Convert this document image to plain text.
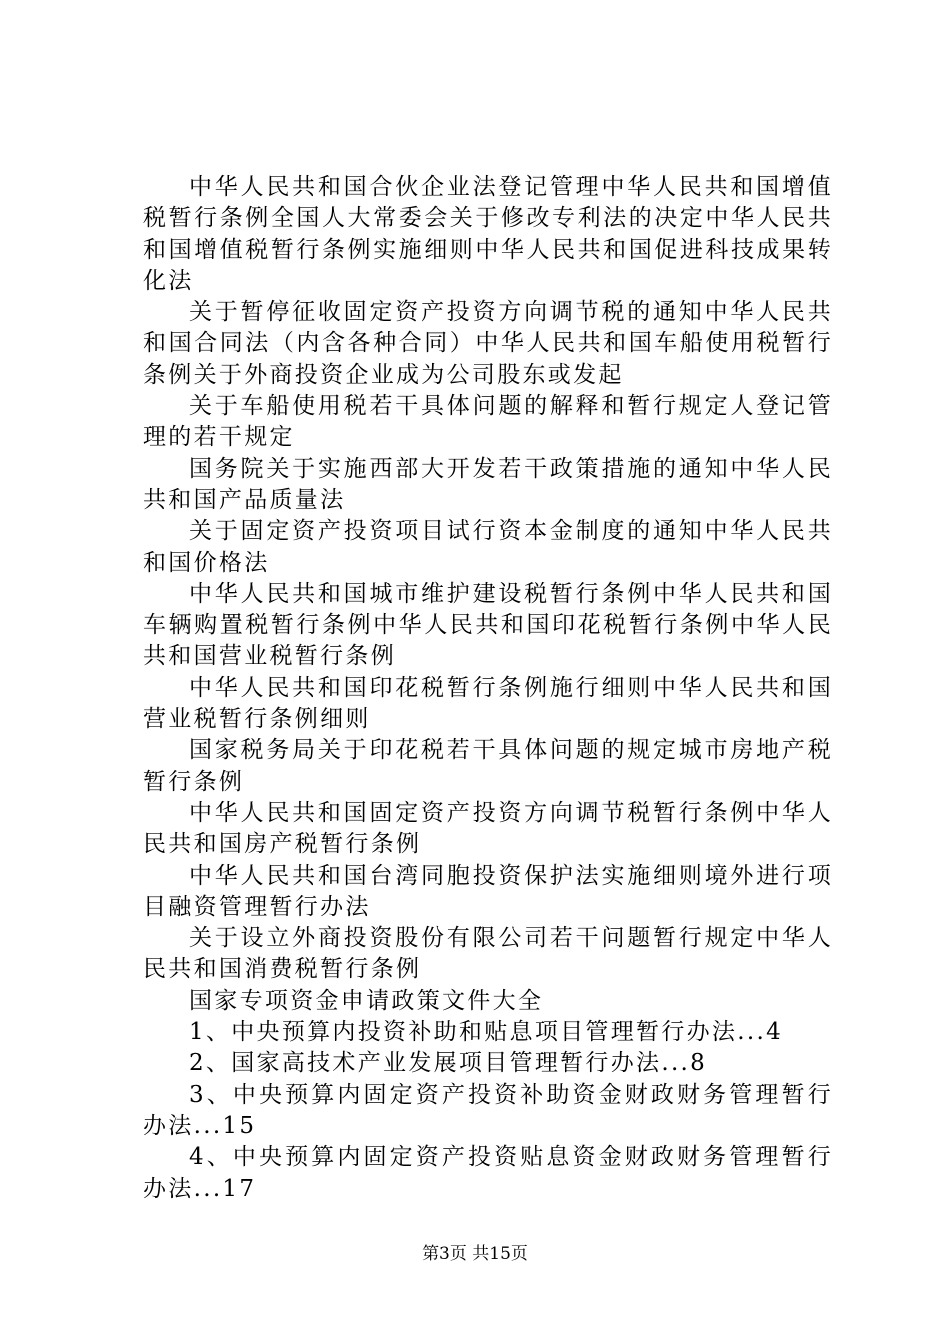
中华人民共和国合伙企业法登记管理中华人民共和国增值税暂行条例全国人大常委会关于修改专利法的决定中华人民共和国增值税暂行条例实施细则中华人民共和国促进科技成果转化法

关于暂停征收固定资产投资方向调节税的通知中华人民共和国合同法（内含各种合同）中华人民共和国车船使用税暂行条例关于外商投资企业成为公司股东或发起

关于车船使用税若干具体问题的解释和暂行规定人登记管理的若干规定

国务院关于实施西部大开发若干政策措施的通知中华人民共和国产品质量法

关于固定资产投资项目试行资本金制度的通知中华人民共和国价格法

中华人民共和国城市维护建设税暂行条例中华人民共和国车辆购置税暂行条例中华人民共和国印花税暂行条例中华人民共和国营业税暂行条例

中华人民共和国印花税暂行条例施行细则中华人民共和国营业税暂行条例细则

国家税务局关于印花税若干具体问题的规定城市房地产税暂行条例

中华人民共和国固定资产投资方向调节税暂行条例中华人民共和国房产税暂行条例

中华人民共和国台湾同胞投资保护法实施细则境外进行项目融资管理暂行办法

关于设立外商投资股份有限公司若干问题暂行规定中华人民共和国消费税暂行条例

国家专项资金申请政策文件大全

1、中央预算内投资补助和贴息项目管理暂行办法...4

2、国家高技术产业发展项目管理暂行办法...8

3、中央预算内固定资产投资补助资金财政财务管理暂行办法...15

4、中央预算内固定资产投资贴息资金财政财务管理暂行办法...17

第3页 共15页
